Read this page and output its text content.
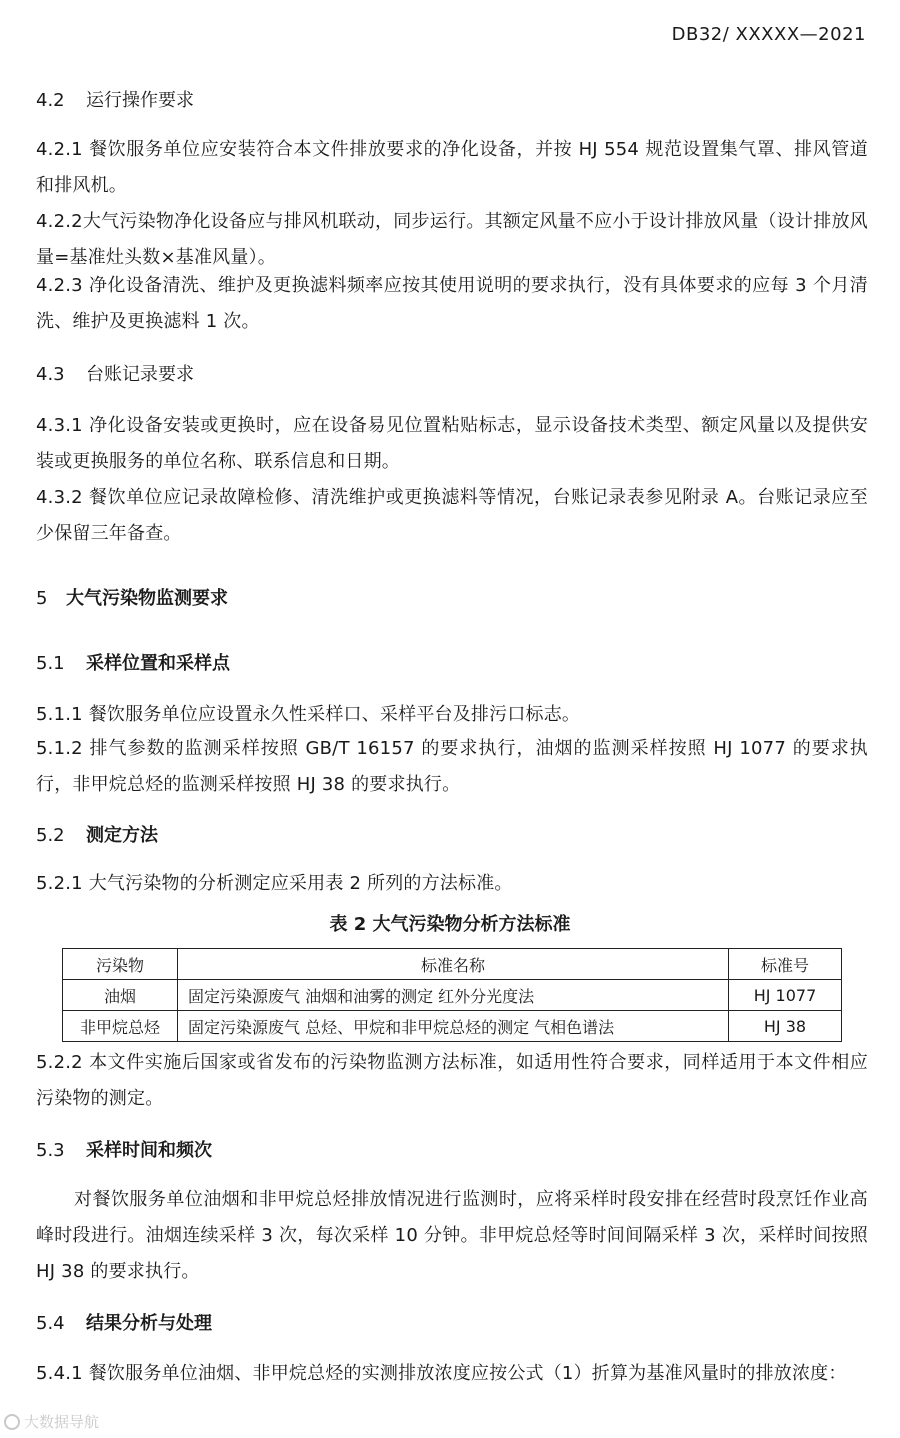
DB32/ XXXXX—2021
4.2	运行操作要求
4.2.1 餐饮服务单位应安装符合本文件排放要求的净化设备，并按 HJ 554 规范设置集气罩、排风管道和排风机。
4.2.2大气污染物净化设备应与排风机联动，同步运行。其额定风量不应小于设计排放风量（设计排放风量=基准灶头数×基准风量）。
4.2.3 净化设备清洗、维护及更换滤料频率应按其使用说明的要求执行，没有具体要求的应每 3 个月清洗、维护及更换滤料 1 次。
4.3	台账记录要求
4.3.1 净化设备安装或更换时，应在设备易见位置粘贴标志，显示设备技术类型、额定风量以及提供安装或更换服务的单位名称、联系信息和日期。
4.3.2 餐饮单位应记录故障检修、清洗维护或更换滤料等情况，台账记录表参见附录 A。台账记录应至少保留三年备查。
5	大气污染物监测要求
5.1	采样位置和采样点
5.1.1 餐饮服务单位应设置永久性采样口、采样平台及排污口标志。
5.1.2 排气参数的监测采样按照 GB/T 16157 的要求执行，油烟的监测采样按照 HJ 1077 的要求执行，非甲烷总烃的监测采样按照 HJ 38 的要求执行。
5.2	测定方法
5.2.1 大气污染物的分析测定应采用表 2 所列的方法标准。
表 2 大气污染物分析方法标准
污染物	标准名称	标准号
油烟	固定污染源废气 油烟和油雾的测定 红外分光度法	HJ 1077
非甲烷总烃	固定污染源废气 总烃、甲烷和非甲烷总烃的测定 气相色谱法	HJ 38
5.2.2 本文件实施后国家或省发布的污染物监测方法标准，如适用性符合要求，同样适用于本文件相应污染物的测定。
5.3	采样时间和频次
对餐饮服务单位油烟和非甲烷总烃排放情况进行监测时，应将采样时段安排在经营时段烹饪作业高峰时段进行。油烟连续采样 3 次，每次采样 10 分钟。非甲烷总烃等时间间隔采样 3 次，采样时间按照 HJ 38 的要求执行。
5.4	结果分析与处理
5.4.1 餐饮服务单位油烟、非甲烷总烃的实测排放浓度应按公式（1）折算为基准风量时的排放浓度：
大数据导航
